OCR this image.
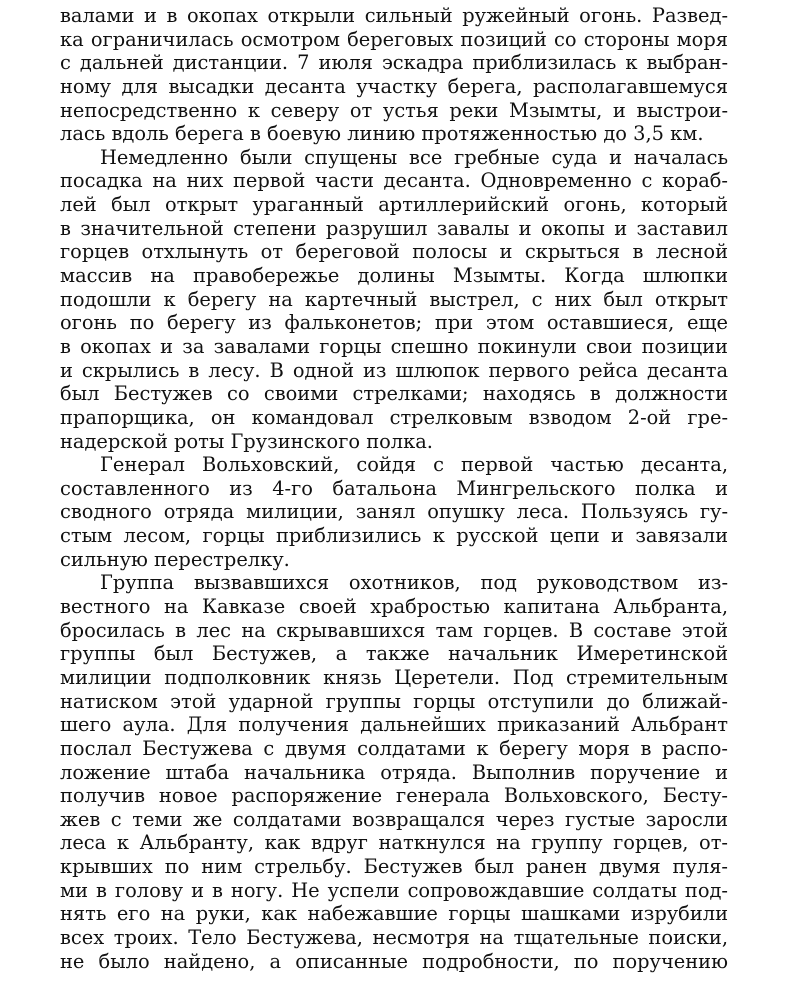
валами и в окопах открыли сильный ружейный огонь. Развед-
ка ограничилась осмотром береговых позиций со стороны моря
с дальней дистанции. 7 июля эскадра приблизилась к выбран-
ному для высадки десанта участку берега, располагавшемуся
непосредственно к северу от устья реки Мзымты, и выстрои-
лась вдоль берега в боевую линию протяженностью до 3,5 км.
Немедленно были спущены все гребные суда и началась
посадка на них первой части десанта. Одновременно с кораб-
лей был открыт ураганный артиллерийский огонь, который
в значительной степени разрушил завалы и окопы и заставил
горцев отхлынуть от береговой полосы и скрыться в лесной
массив на правобережье долины Мзымты. Когда шлюпки
подошли к берегу на картечный выстрел, с них был открыт
огонь по берегу из фальконетов; при этом оставшиеся, еще
в окопах и за завалами горцы спешно покинули свои позиции
и скрылись в лесу. В одной из шлюпок первого рейса десанта
был Бестужев со своими стрелками; находясь в должности
прапорщика, он командовал стрелковым взводом 2-ой гре-
надерской роты Грузинского полка.
Генерал Вольховский, сойдя с первой частью десанта,
составленного из 4-го батальона Мингрельского полка и
сводного отряда милиции, занял опушку леса. Пользуясь гу-
стым лесом, горцы приблизились к русской цепи и завязали
сильную перестрелку.
Группа вызвавшихся охотников, под руководством из-
вестного на Кавказе своей храбростью капитана Альбранта,
бросилась в лес на скрывавшихся там горцев. В составе этой
группы был Бестужев, а также начальник Имеретинской
милиции подполковник князь Церетели. Под стремительным
натиском этой ударной группы горцы отступили до ближай-
шего аула. Для получения дальнейших приказаний Альбрант
послал Бестужева с двумя солдатами к берегу моря в распо-
ложение штаба начальника отряда. Выполнив поручение и
получив новое распоряжение генерала Вольховского, Бесту-
жев с теми же солдатами возвращался через густые заросли
леса к Альбранту, как вдруг наткнулся на группу горцев, от-
крывших по ним стрельбу. Бестужев был ранен двумя пуля-
ми в голову и в ногу. Не успели сопровождавшие солдаты под-
нять его на руки, как набежавшие горцы шашками изрубили
всех троих. Тело Бестужева, несмотря на тщательные поиски,
не было найдено, а описанные подробности, по поручению
